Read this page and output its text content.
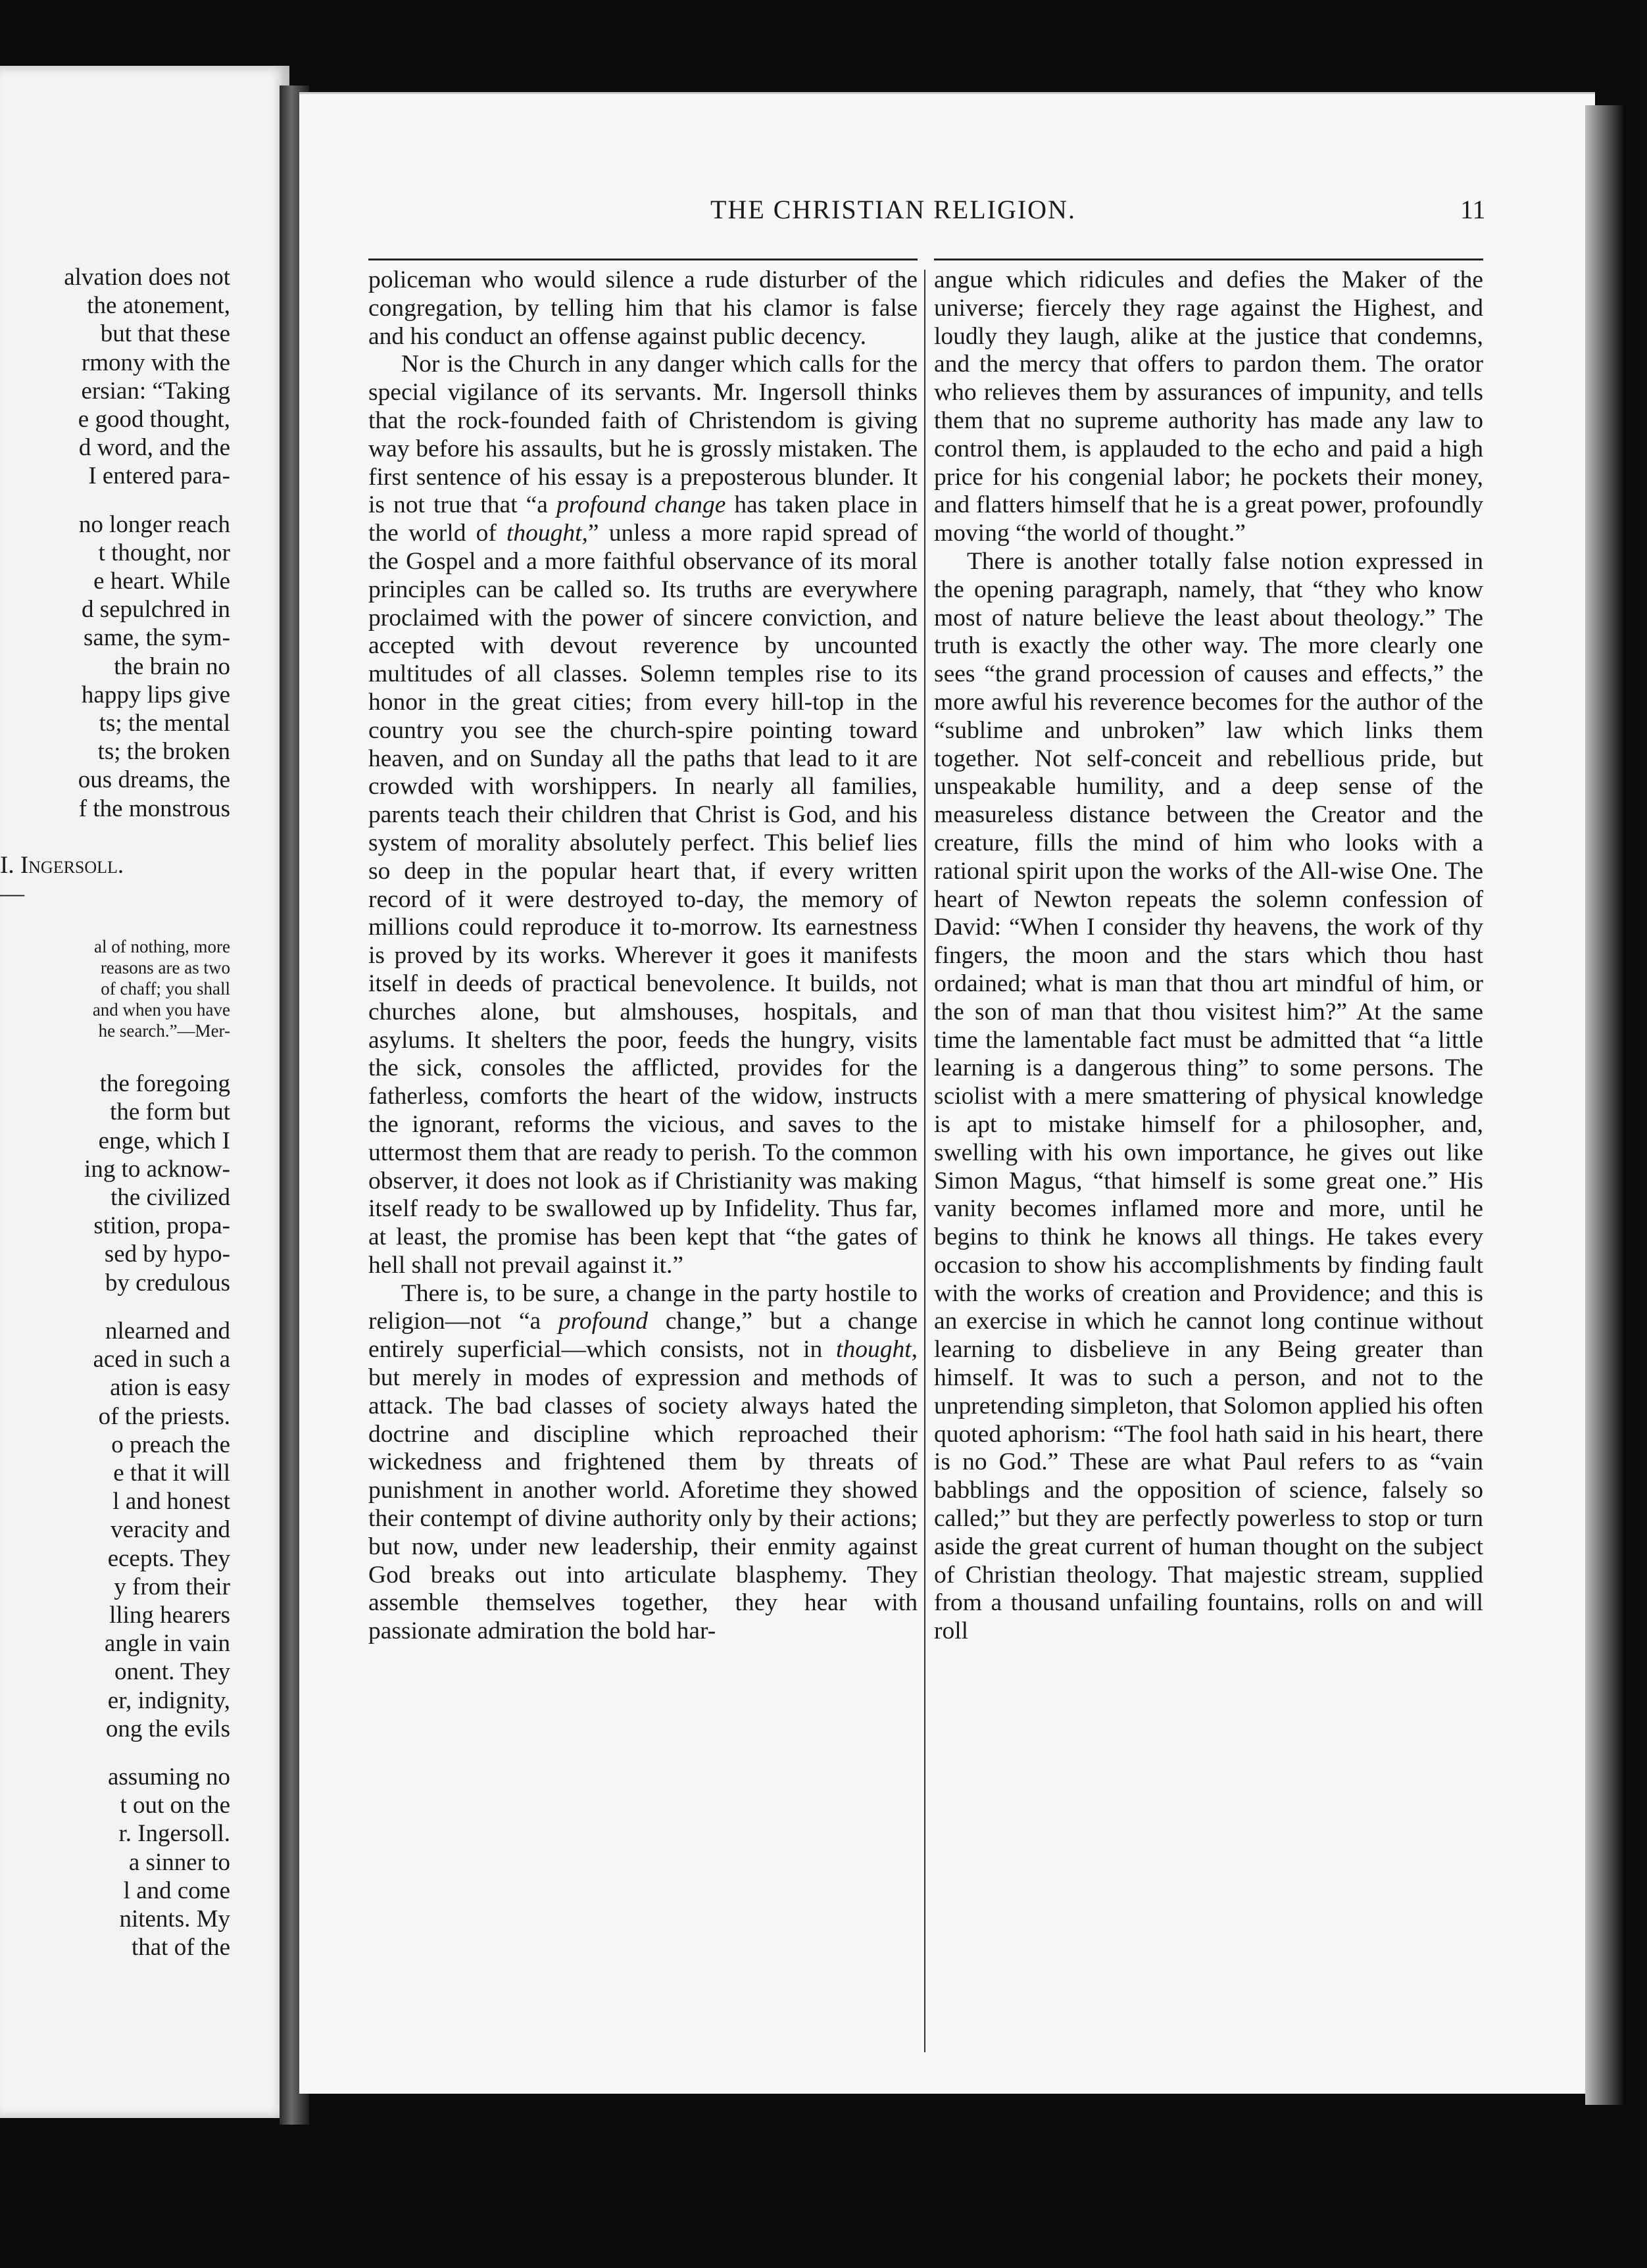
alvation does not
the atonement,
but that these
rmony with the
ersian: “Taking
e good thought,
d word, and the
I entered para-
no longer reach
t thought, nor
e heart. While
d sepulchred in
same, the sym-
the brain no
happy lips give
ts; the mental
ts; the broken
ous dreams, the
f the monstrous
I. Ingersoll.
—
al of nothing, more
reasons are as two
of chaff; you shall
and when you have
he search.”—Mer-
the foregoing
the form but
enge, which I
ing to acknow-
the civilized
stition, propa-
sed by hypo-
by credulous
nlearned and
aced in such a
ation is easy
of the priests.
o preach the
e that it will
l and honest
veracity and
ecepts. They
y from their
lling hearers
angle in vain
onent. They
er, indignity,
ong the evils
assuming no
t out on the
r. Ingersoll.
a sinner to
l and come
nitents. My
that of the
THE CHRISTIAN RELIGION.	11

policeman who would silence a rude disturber of the congregation, by telling him that his clamor is false and his conduct an offense against public decency.

Nor is the Church in any danger which calls for the special vigilance of its servants. Mr. Ingersoll thinks that the rock-founded faith of Christendom is giving way before his assaults, but he is grossly mistaken. The first sentence of his essay is a preposterous blunder. It is not true that “a profound change has taken place in the world of thought,” unless a more rapid spread of the Gospel and a more faithful observance of its moral principles can be called so. Its truths are everywhere proclaimed with the power of sincere conviction, and accepted with devout reverence by uncounted multitudes of all classes. Solemn temples rise to its honor in the great cities; from every hill-top in the country you see the church-spire pointing toward heaven, and on Sunday all the paths that lead to it are crowded with worshippers. In nearly all families, parents teach their children that Christ is God, and his system of morality absolutely perfect. This belief lies so deep in the popular heart that, if every written record of it were destroyed to-day, the memory of millions could reproduce it to-morrow. Its earnestness is proved by its works. Wherever it goes it manifests itself in deeds of practical benevolence. It builds, not churches alone, but almshouses, hospitals, and asylums. It shelters the poor, feeds the hungry, visits the sick, consoles the afflicted, provides for the fatherless, comforts the heart of the widow, instructs the ignorant, reforms the vicious, and saves to the uttermost them that are ready to perish. To the common observer, it does not look as if Christianity was making itself ready to be swallowed up by Infidelity. Thus far, at least, the promise has been kept that “the gates of hell shall not prevail against it.”

There is, to be sure, a change in the party hostile to religion—not “a profound change,” but a change entirely superficial—which consists, not in thought, but merely in modes of expression and methods of attack. The bad classes of society always hated the doctrine and discipline which reproached their wickedness and frightened them by threats of punishment in another world. Aforetime they showed their contempt of divine authority only by their actions; but now, under new leadership, their enmity against God breaks out into articulate blasphemy. They assemble themselves together, they hear with passionate admiration the bold har-

angue which ridicules and defies the Maker of the universe; fiercely they rage against the Highest, and loudly they laugh, alike at the justice that condemns, and the mercy that offers to pardon them. The orator who relieves them by assurances of impunity, and tells them that no supreme authority has made any law to control them, is applauded to the echo and paid a high price for his congenial labor; he pockets their money, and flatters himself that he is a great power, profoundly moving “the world of thought.”

There is another totally false notion expressed in the opening paragraph, namely, that “they who know most of nature believe the least about theology.” The truth is exactly the other way. The more clearly one sees “the grand procession of causes and effects,” the more awful his reverence becomes for the author of the “sublime and unbroken” law which links them together. Not self-conceit and rebellious pride, but unspeakable humility, and a deep sense of the measureless distance between the Creator and the creature, fills the mind of him who looks with a rational spirit upon the works of the All-wise One. The heart of Newton repeats the solemn confession of David: “When I consider thy heavens, the work of thy fingers, the moon and the stars which thou hast ordained; what is man that thou art mindful of him, or the son of man that thou visitest him?” At the same time the lamentable fact must be admitted that “a little learning is a dangerous thing” to some persons. The sciolist with a mere smattering of physical knowledge is apt to mistake himself for a philosopher, and, swelling with his own importance, he gives out like Simon Magus, “that himself is some great one.” His vanity becomes inflamed more and more, until he begins to think he knows all things. He takes every occasion to show his accomplishments by finding fault with the works of creation and Providence; and this is an exercise in which he cannot long continue without learning to disbelieve in any Being greater than himself. It was to such a person, and not to the unpretending simpleton, that Solomon applied his often quoted aphorism: “The fool hath said in his heart, there is no God.” These are what Paul refers to as “vain babblings and the opposition of science, falsely so called;” but they are perfectly powerless to stop or turn aside the great current of human thought on the subject of Christian theology. That majestic stream, supplied from a thousand unfailing fountains, rolls on and will roll
